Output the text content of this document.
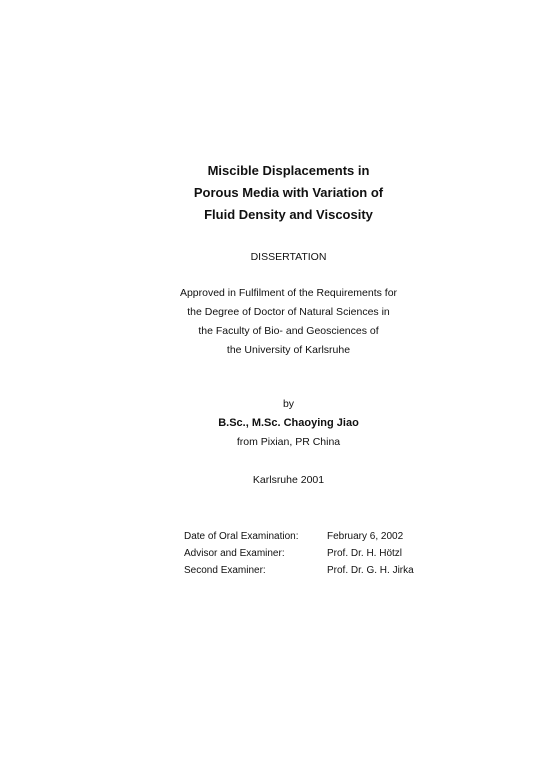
Miscible Displacements in
Porous Media with Variation of
Fluid Density and Viscosity
DISSERTATION
Approved in Fulfilment of the Requirements for
the Degree of Doctor of Natural Sciences in
the Faculty of Bio- and Geosciences of
the University of Karlsruhe
by
B.Sc., M.Sc. Chaoying Jiao
from Pixian, PR China
Karlsruhe 2001
Date of Oral Examination:	February 6, 2002
Advisor and Examiner:	Prof. Dr. H. Hötzl
Second Examiner:	Prof. Dr. G. H. Jirka
